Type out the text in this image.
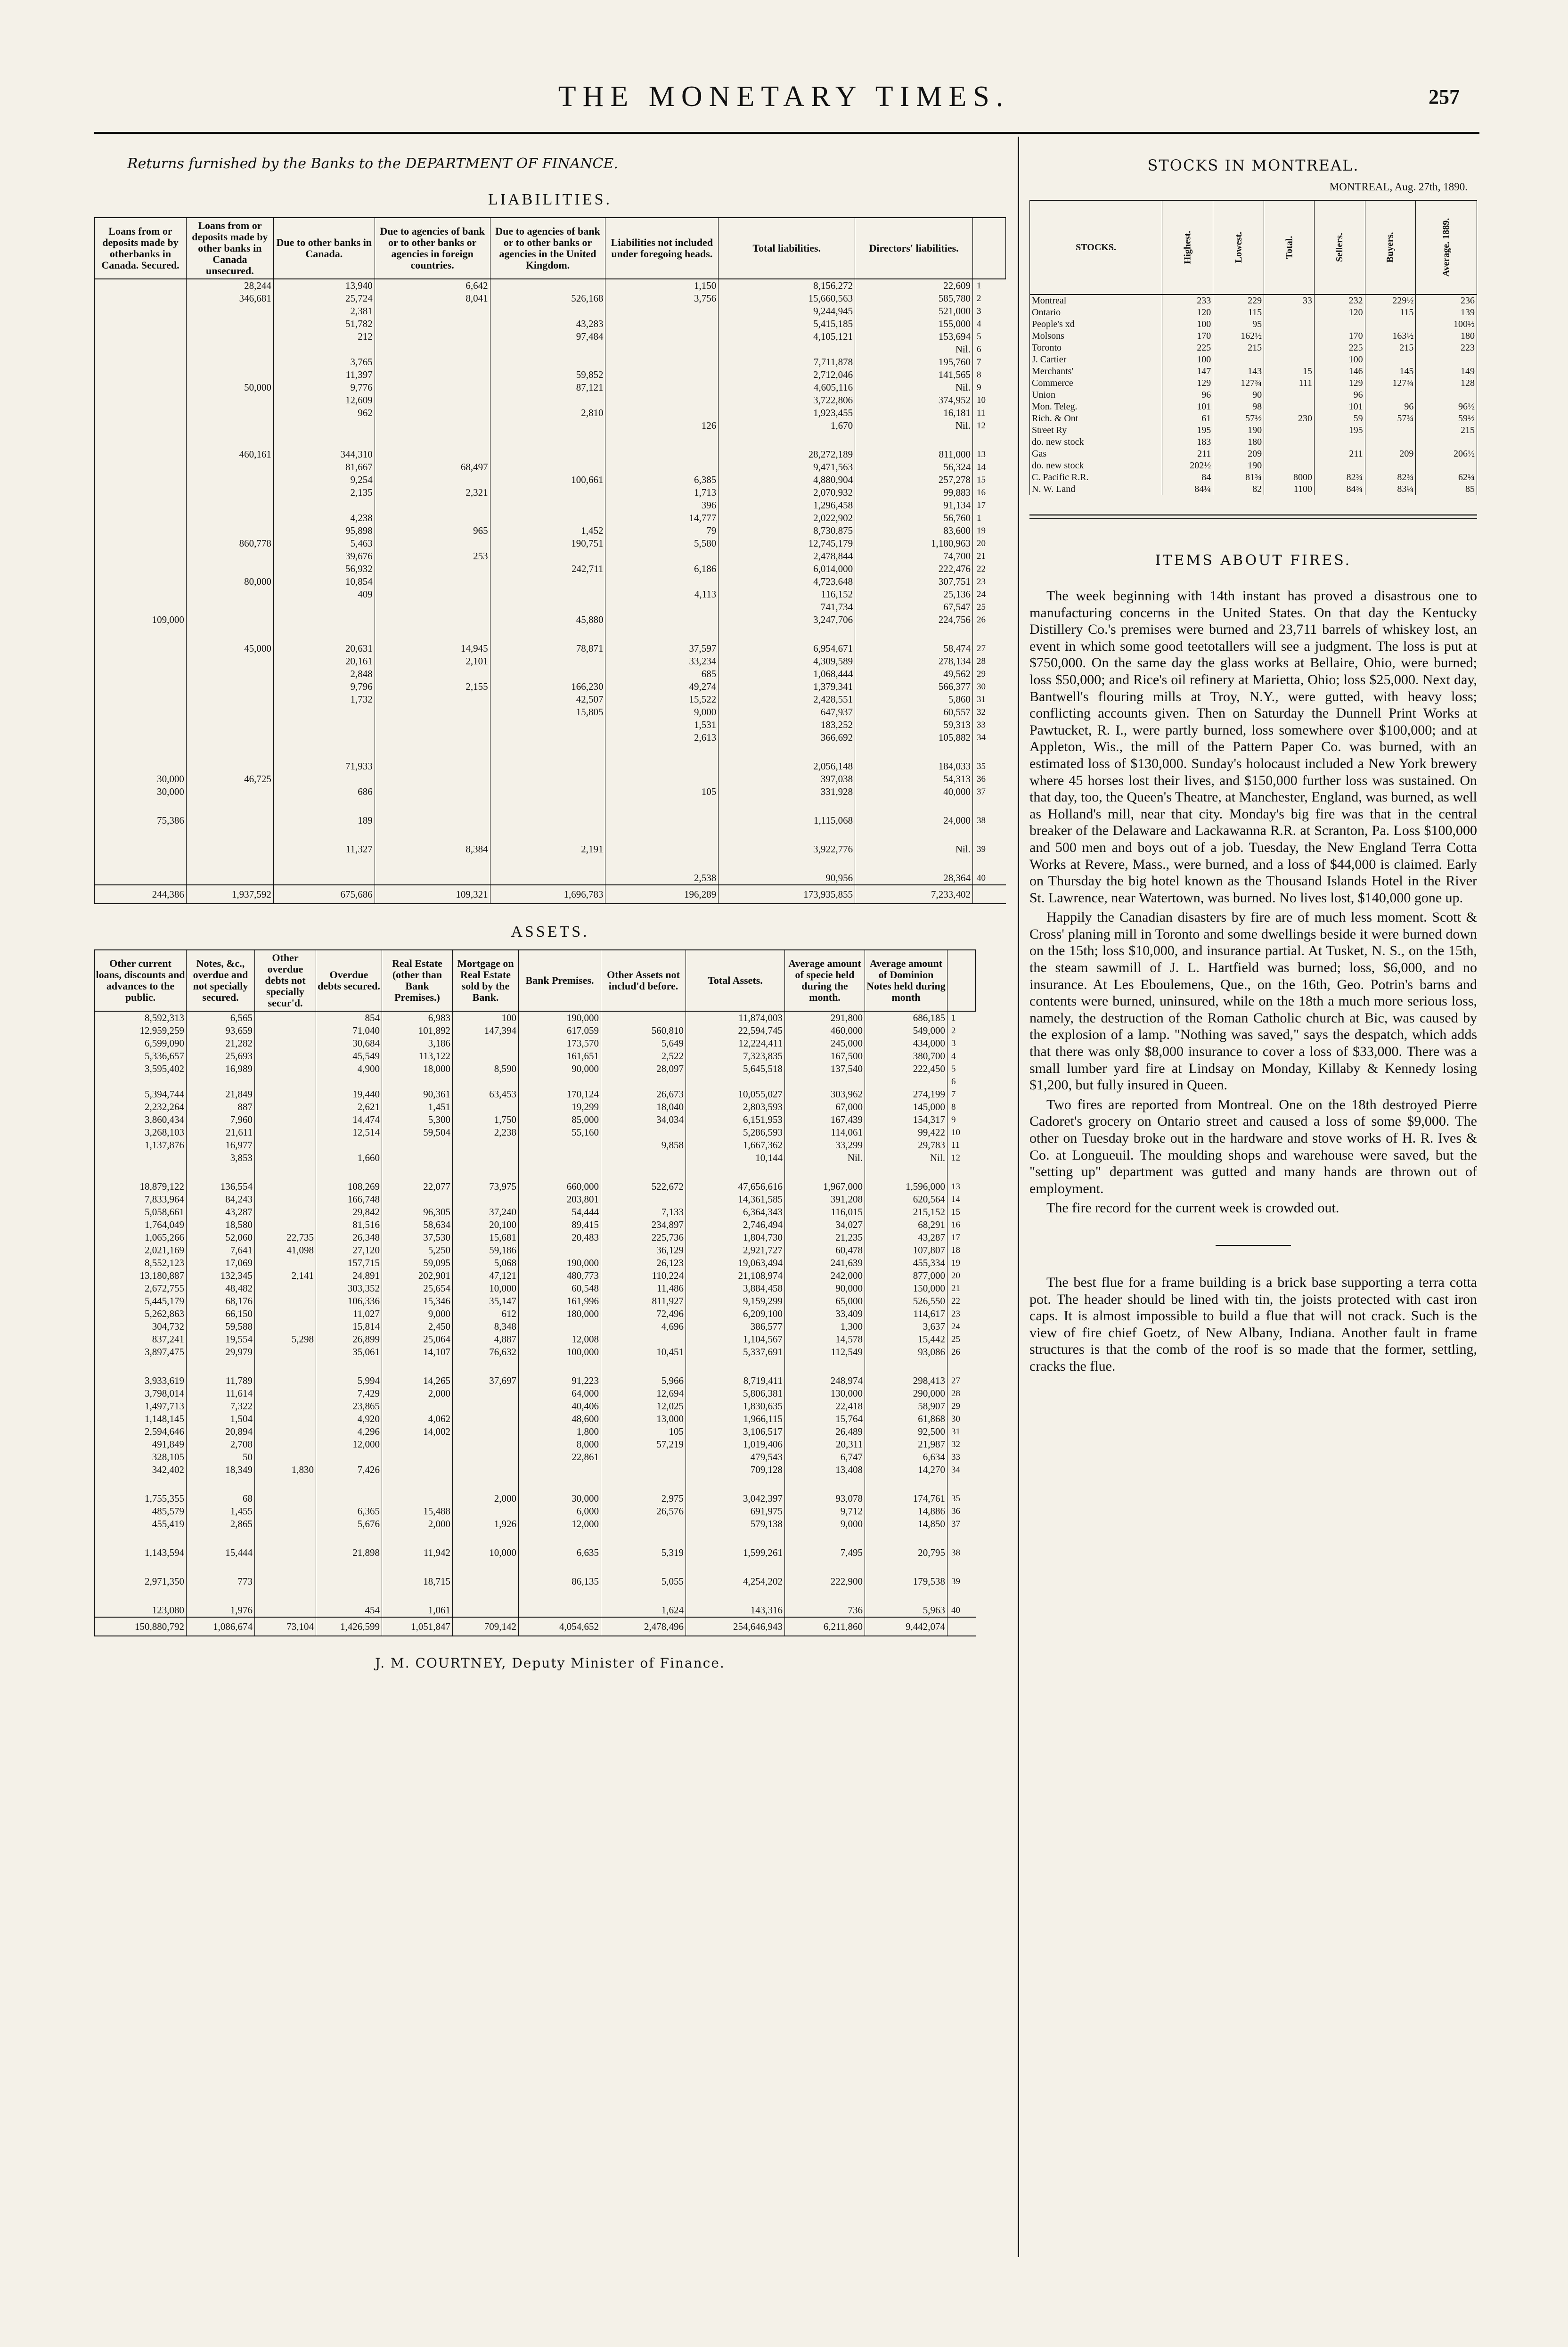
THE MONETARY TIMES.	257
Returns furnished by the Banks to the DEPARTMENT OF FINANCE.
LIABILITIES.
Loans from or deposits made by otherbanks in Canada. Secured.	Loans from or deposits made by other banks in Canada unsecured.	Due to other banks in Canada.	Due to agencies of bank or to other banks or agencies in foreign countries.	Due to agencies of bank or to other banks or agencies in the United Kingdom.	Liabilities not included under foregoing heads.	Total liabilities.	Directors' liabilities.	
	28,244	13,940	6,642		1,150	8,156,272	22,609	1
	346,681	25,724	8,041	526,168	3,756	15,660,563	585,780	2
		2,381				9,244,945	521,000	3
		51,782		43,283		5,415,185	155,000	4
		212		97,484		4,105,121	153,694	5
							Nil.	6
		3,765				7,711,878	195,760	7
		11,397		59,852		2,712,046	141,565	8
	50,000	9,776		87,121		4,605,116	Nil.	9
		12,609				3,722,806	374,952	10
		962		2,810		1,923,455	16,181	11
					126	1,670	Nil.	12

	460,161	344,310				28,272,189	811,000	13
		81,667	68,497			9,471,563	56,324	14
		9,254		100,661	6,385	4,880,904	257,278	15
		2,135	2,321		1,713	2,070,932	99,883	16
					396	1,296,458	91,134	17
		4,238			14,777	2,022,902	56,760	1
		95,898	965	1,452	79	8,730,875	83,600	19
	860,778	5,463		190,751	5,580	12,745,179	1,180,963	20
		39,676	253			2,478,844	74,700	21
		56,932		242,711	6,186	6,014,000	222,476	22
	80,000	10,854				4,723,648	307,751	23
		409			4,113	116,152	25,136	24
						741,734	67,547	25
109,000				45,880		3,247,706	224,756	26

	45,000	20,631	14,945	78,871	37,597	6,954,671	58,474	27
		20,161	2,101		33,234	4,309,589	278,134	28
		2,848			685	1,068,444	49,562	29
		9,796	2,155	166,230	49,274	1,379,341	566,377	30
		1,732		42,507	15,522	2,428,551	5,860	31
				15,805	9,000	647,937	60,557	32
					1,531	183,252	59,313	33
					2,613	366,692	105,882	34

		71,933				2,056,148	184,033	35
30,000	46,725					397,038	54,313	36
30,000		686			105	331,928	40,000	37

75,386		189				1,115,068	24,000	38

		11,327	8,384	2,191		3,922,776	Nil.	39

					2,538	90,956	28,364	40
244,386	1,937,592	675,686	109,321	1,696,783	196,289	173,935,855	7,233,402	
ASSETS.
Other current loans, discounts and advances to the public.	Notes, &c., overdue and not specially secured.	Other overdue debts not specially secur'd.	Overdue debts secured.	Real Estate (other than Bank Premises.)	Mortgage on Real Estate sold by the Bank.	Bank Premises.	Other Assets not includ'd before.	Total Assets.	Average amount of specie held during the month.	Average amount of Dominion Notes held during month	
8,592,313	6,565		854	6,983	100	190,000		11,874,003	291,800	686,185	1
12,959,259	93,659		71,040	101,892	147,394	617,059	560,810	22,594,745	460,000	549,000	2
6,599,090	21,282		30,684	3,186		173,570	5,649	12,224,411	245,000	434,000	3
5,336,657	25,693		45,549	113,122		161,651	2,522	7,323,835	167,500	380,700	4
3,595,402	16,989		4,900	18,000	8,590	90,000	28,097	5,645,518	137,540	222,450	5
											6
5,394,744	21,849		19,440	90,361	63,453	170,124	26,673	10,055,027	303,962	274,199	7
2,232,264	887		2,621	1,451		19,299	18,040	2,803,593	67,000	145,000	8
3,860,434	7,960		14,474	5,300	1,750	85,000	34,034	6,151,953	167,439	154,317	9
3,268,103	21,611		12,514	59,504	2,238	55,160		5,286,593	114,061	99,422	10
1,137,876	16,977						9,858	1,667,362	33,299	29,783	11
	3,853		1,660					10,144	Nil.	Nil.	12

18,879,122	136,554		108,269	22,077	73,975	660,000	522,672	47,656,616	1,967,000	1,596,000	13
7,833,964	84,243		166,748			203,801		14,361,585	391,208	620,564	14
5,058,661	43,287		29,842	96,305	37,240	54,444	7,133	6,364,343	116,015	215,152	15
1,764,049	18,580		81,516	58,634	20,100	89,415	234,897	2,746,494	34,027	68,291	16
1,065,266	52,060	22,735	26,348	37,530	15,681	20,483	225,736	1,804,730	21,235	43,287	17
2,021,169	7,641	41,098	27,120	5,250	59,186		36,129	2,921,727	60,478	107,807	18
8,552,123	17,069		157,715	59,095	5,068	190,000	26,123	19,063,494	241,639	455,334	19
13,180,887	132,345	2,141	24,891	202,901	47,121	480,773	110,224	21,108,974	242,000	877,000	20
2,672,755	48,482		303,352	25,654	10,000	60,548	11,486	3,884,458	90,000	150,000	21
5,445,179	68,176		106,336	15,346	35,147	161,996	811,927	9,159,299	65,000	526,550	22
5,262,863	66,150		11,027	9,000	612	180,000	72,496	6,209,100	33,409	114,617	23
304,732	59,588		15,814	2,450	8,348		4,696	386,577	1,300	3,637	24
837,241	19,554	5,298	26,899	25,064	4,887	12,008		1,104,567	14,578	15,442	25
3,897,475	29,979		35,061	14,107	76,632	100,000	10,451	5,337,691	112,549	93,086	26

3,933,619	11,789		5,994	14,265	37,697	91,223	5,966	8,719,411	248,974	298,413	27
3,798,014	11,614		7,429	2,000		64,000	12,694	5,806,381	130,000	290,000	28
1,497,713	7,322		23,865			40,406	12,025	1,830,635	22,418	58,907	29
1,148,145	1,504		4,920	4,062		48,600	13,000	1,966,115	15,764	61,868	30
2,594,646	20,894		4,296	14,002		1,800	105	3,106,517	26,489	92,500	31
491,849	2,708		12,000			8,000	57,219	1,019,406	20,311	21,987	32
328,105	50					22,861		479,543	6,747	6,634	33
342,402	18,349	1,830	7,426					709,128	13,408	14,270	34

1,755,355	68				2,000	30,000	2,975	3,042,397	93,078	174,761	35
485,579	1,455		6,365	15,488		6,000	26,576	691,975	9,712	14,886	36
455,419	2,865		5,676	2,000	1,926	12,000		579,138	9,000	14,850	37

1,143,594	15,444		21,898	11,942	10,000	6,635	5,319	1,599,261	7,495	20,795	38

2,971,350	773			18,715		86,135	5,055	4,254,202	222,900	179,538	39

123,080	1,976		454	1,061			1,624	143,316	736	5,963	40
150,880,792	1,086,674	73,104	1,426,599	1,051,847	709,142	4,054,652	2,478,496	254,646,943	6,211,860	9,442,074	
J. M. COURTNEY, Deputy Minister of Finance.
STOCKS IN MONTREAL.
MONTREAL, Aug. 27th, 1890.
STOCKS.	Highest.	Lowest.	Total.	Sellers.	Buyers.	Average. 1889.
Montreal	233	229	33	232	229½	236
Ontario	120	115		120	115	139
People's xd	100	95				100½
Molsons	170	162½		170	163½	180
Toronto	225	215		225	215	223
J. Cartier	100			100		
Merchants'	147	143	15	146	145	149
Commerce	129	127¾	111	129	127¾	128
Union	96	90		96		
Mon. Teleg.	101	98		101	96	96½
Rich. & Ont	61	57½	230	59	57¾	59½
Street Ry	195	190		195		215
do. new stock	183	180				
Gas	211	209		211	209	206½
do. new stock	202½	190				
C. Pacific R.R.	84	81¾	8000	82¾	82¾	62¼
N. W. Land	84¼	82	1100	84¾	83¼	85
ITEMS ABOUT FIRES.

The week beginning with 14th instant has proved a disastrous one to manufacturing concerns in the United States. On that day the Kentucky Distillery Co.'s premises were burned and 23,711 barrels of whiskey lost, an event in which some good teetotallers will see a judgment. The loss is put at $750,000. On the same day the glass works at Bellaire, Ohio, were burned; loss $50,000; and Rice's oil refinery at Marietta, Ohio; loss $25,000. Next day, Bantwell's flouring mills at Troy, N.Y., were gutted, with heavy loss; conflicting accounts given. Then on Saturday the Dunnell Print Works at Pawtucket, R. I., were partly burned, loss somewhere over $100,000; and at Appleton, Wis., the mill of the Pattern Paper Co. was burned, with an estimated loss of $130,000. Sunday's holocaust included a New York brewery where 45 horses lost their lives, and $150,000 further loss was sustained. On that day, too, the Queen's Theatre, at Manchester, England, was burned, as well as Holland's mill, near that city. Monday's big fire was that in the central breaker of the Delaware and Lackawanna R.R. at Scranton, Pa. Loss $100,000 and 500 men and boys out of a job. Tuesday, the New England Terra Cotta Works at Revere, Mass., were burned, and a loss of $44,000 is claimed. Early on Thursday the big hotel known as the Thousand Islands Hotel in the River St. Lawrence, near Watertown, was burned. No lives lost, $140,000 gone up.

Happily the Canadian disasters by fire are of much less moment. Scott & Cross' planing mill in Toronto and some dwellings beside it were burned down on the 15th; loss $10,000, and insurance partial. At Tusket, N. S., on the 15th, the steam sawmill of J. L. Hartfield was burned; loss, $6,000, and no insurance. At Les Eboulemens, Que., on the 16th, Geo. Potrin's barns and contents were burned, uninsured, while on the 18th a much more serious loss, namely, the destruction of the Roman Catholic church at Bic, was caused by the explosion of a lamp. "Nothing was saved," says the despatch, which adds that there was only $8,000 insurance to cover a loss of $33,000. There was a small lumber yard fire at Lindsay on Monday, Killaby & Kennedy losing $1,200, but fully insured in Queen.

Two fires are reported from Montreal. One on the 18th destroyed Pierre Cadoret's grocery on Ontario street and caused a loss of some $9,000. The other on Tuesday broke out in the hardware and stove works of H. R. Ives & Co. at Longueuil. The moulding shops and warehouse were saved, but the "setting up" department was gutted and many hands are thrown out of employment.

The fire record for the current week is crowded out.

The best flue for a frame building is a brick base supporting a terra cotta pot. The header should be lined with tin, the joists protected with cast iron caps. It is almost impossible to build a flue that will not crack. Such is the view of fire chief Goetz, of New Albany, Indiana. Another fault in frame structures is that the comb of the roof is so made that the former, settling, cracks the flue.
